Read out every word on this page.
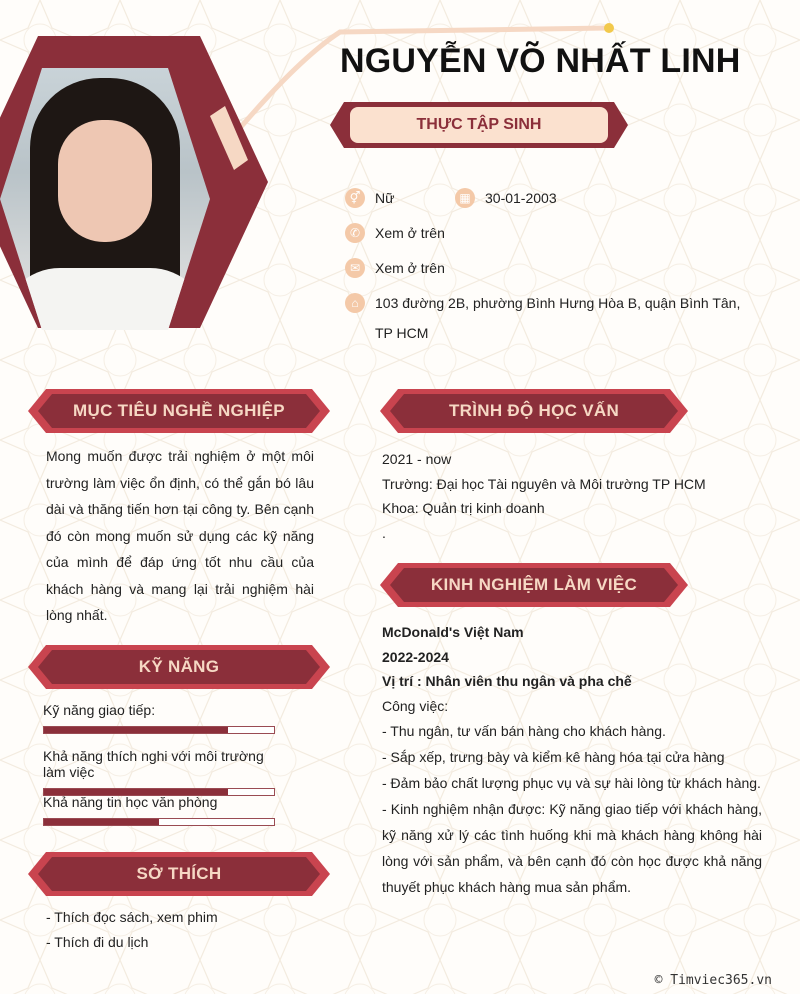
NGUYỄN VÕ NHẤT LINH
THỰC TẬP SINH
⚥	Nữ	▦	30-01-2003
✆	Xem ở trên
✉	Xem ở trên
⌂	103 đường 2B, phường Bình Hưng Hòa B, quận Bình Tân, TP HCM
MỤC TIÊU NGHỀ NGHIỆP
Mong muốn được trải nghiệm ở một môi trường làm việc ổn định, có thể gắn bó lâu dài và thăng tiến hơn tại công ty. Bên cạnh đó còn mong muốn sử dụng các kỹ năng của mình để đáp ứng tốt nhu cầu của khách hàng và mang lại trải nghiệm hài lòng nhất.
KỸ NĂNG
Kỹ năng giao tiếp:
Khả năng thích nghi với môi trường làm việc
Khả năng tin học văn phòng
SỞ THÍCH
- Thích đọc sách, xem phim
- Thích đi du lịch
TRÌNH ĐỘ HỌC VẤN
2021 - now
Trường: Đại học Tài nguyên và Môi trường TP HCM
Khoa: Quản trị kinh doanh
.
KINH NGHIỆM LÀM VIỆC
McDonald's Việt Nam
2022-2024
Vị trí : Nhân viên thu ngân và pha chế
Công việc:
- Thu ngân, tư vấn bán hàng cho khách hàng.
- Sắp xếp, trưng bày và kiểm kê hàng hóa tại cửa hàng
- Đảm bảo chất lượng phục vụ và sự hài lòng từ khách hàng.
- Kinh nghiệm nhận được: Kỹ năng giao tiếp với khách hàng, kỹ năng xử lý các tình huống khi mà khách hàng không hài lòng với sản phẩm, và bên cạnh đó còn học được khả năng thuyết phục khách hàng mua sản phẩm.
© Timviec365.vn
